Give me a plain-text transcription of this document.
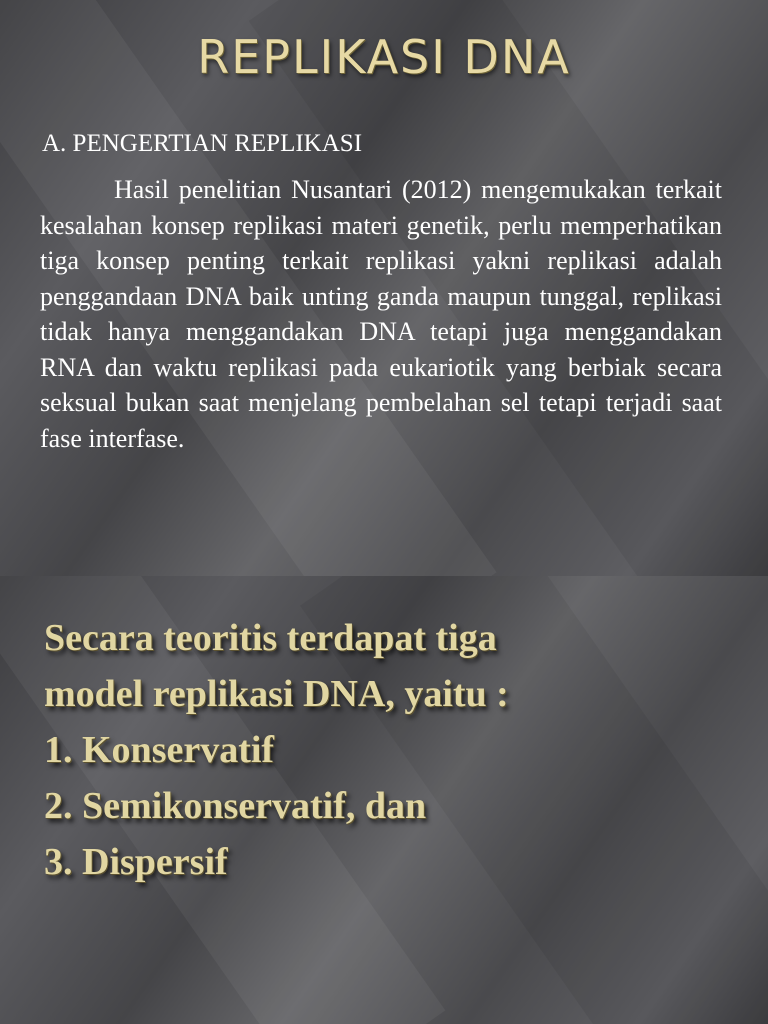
REPLIKASI DNA
A. PENGERTIAN REPLIKASI

Hasil penelitian Nusantari (2012) mengemukakan terkait kesalahan konsep replikasi materi genetik, perlu memperhatikan tiga konsep penting terkait replikasi yakni replikasi adalah penggandaan DNA baik unting ganda maupun tunggal, replikasi tidak hanya menggandakan DNA tetapi juga menggandakan RNA dan waktu replikasi pada eukariotik yang berbiak secara seksual bukan saat menjelang pembelahan sel tetapi terjadi saat fase interfase.

Secara teoritis terdapat tiga
model replikasi DNA, yaitu :
1. Konservatif
2. Semikonservatif, dan
3. Dispersif
